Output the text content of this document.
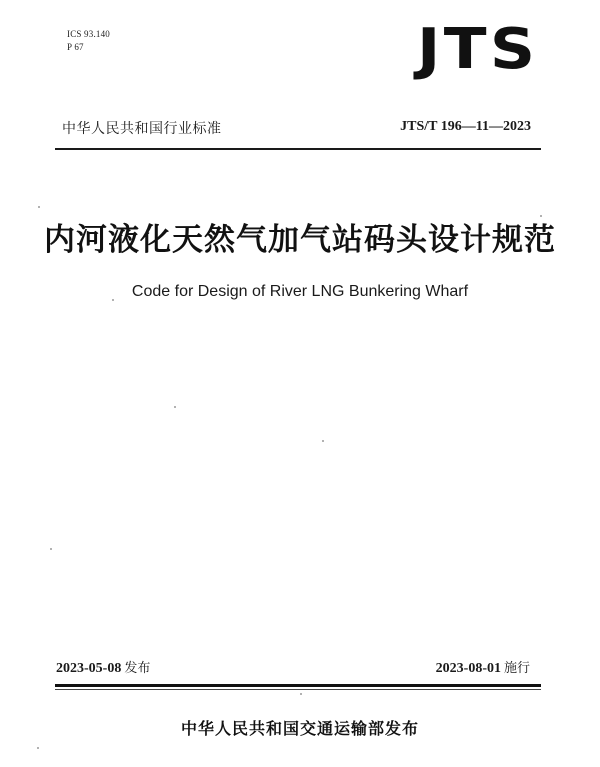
ICS 93.140
P 67	JTS
中华人民共和国行业标准	JTS/T 196—11—2023
内河液化天然气加气站码头设计规范
Code for Design of River LNG Bunkering Wharf
2023-05-08 发布	2023-08-01 施行
中华人民共和国交通运输部发布
